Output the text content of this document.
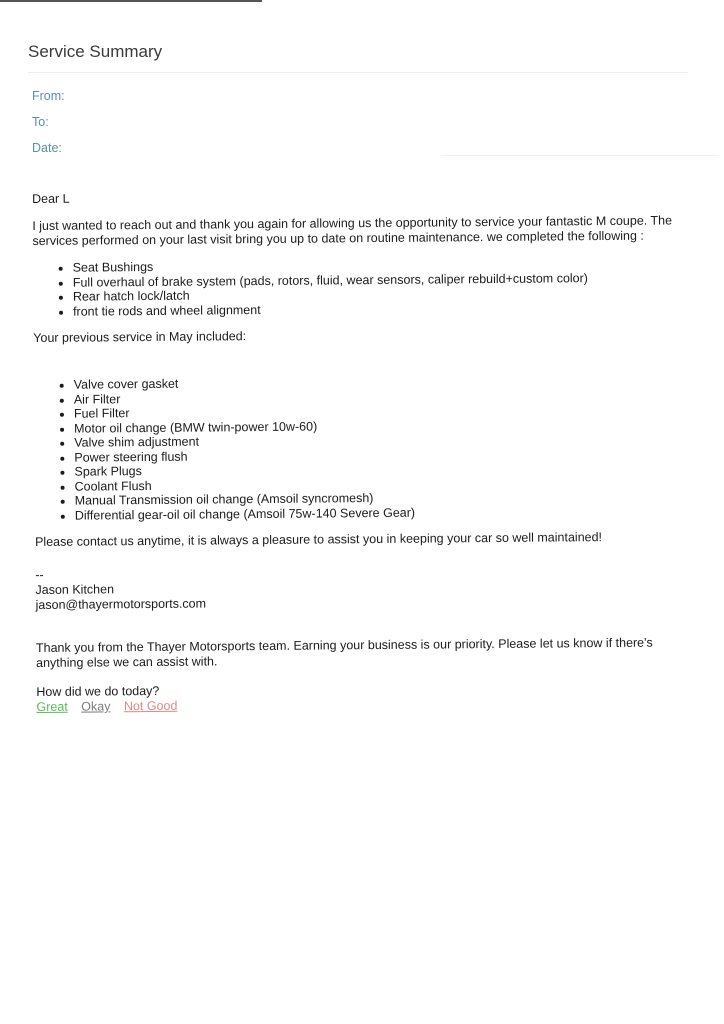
Service Summary
From:
To:
Date:

Dear L

I just wanted to reach out and thank you again for allowing us the opportunity to service your fantastic M coupe. The services performed on your last visit bring you up to date on routine maintenance. we completed the following :

• Seat Bushings
• Full overhaul of brake system (pads, rotors, fluid, wear sensors, caliper rebuild+custom color)
• Rear hatch lock/latch
• front tie rods and wheel alignment

Your previous service in May included:

• Valve cover gasket
• Air Filter
• Fuel Filter
• Motor oil change (BMW twin-power 10w-60)
• Valve shim adjustment
• Power steering flush
• Spark Plugs
• Coolant Flush
• Manual Transmission oil change (Amsoil syncromesh)
• Differential gear-oil oil change (Amsoil 75w-140 Severe Gear)

Please contact us anytime, it is always a pleasure to assist you in keeping your car so well maintained!

--
Jason Kitchen
jason@thayermotorsports.com

Thank you from the Thayer Motorsports team. Earning your business is our priority. Please let us know if there's anything else we can assist with.

How did we do today?

Great Okay Not Good
